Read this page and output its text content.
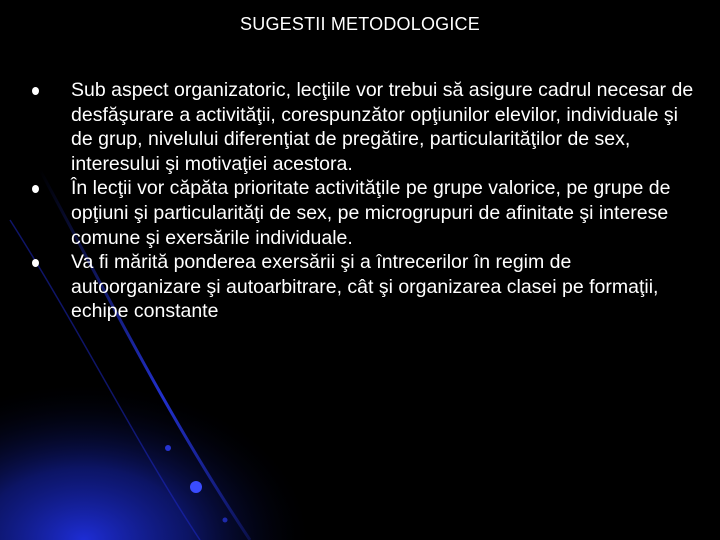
SUGESTII METODOLOGICE
Sub aspect organizatoric, lecţiile vor trebui să asigure cadrul necesar de desfăşurare a activităţii, corespunzător opţiunilor elevilor, individuale şi de grup, nivelului diferenţiat de pregătire, particularităţilor de sex, interesului şi motivaţiei acestora.
În lecţii vor căpăta prioritate activităţile pe grupe valorice, pe grupe de opţiuni şi particularităţi de sex, pe microgrupuri de afinitate şi interese comune şi exersările individuale.
Va fi mărită ponderea exersării şi a întrecerilor în regim de autoorganizare şi autoarbitrare, cât şi organizarea clasei pe formaţii, echipe constante
